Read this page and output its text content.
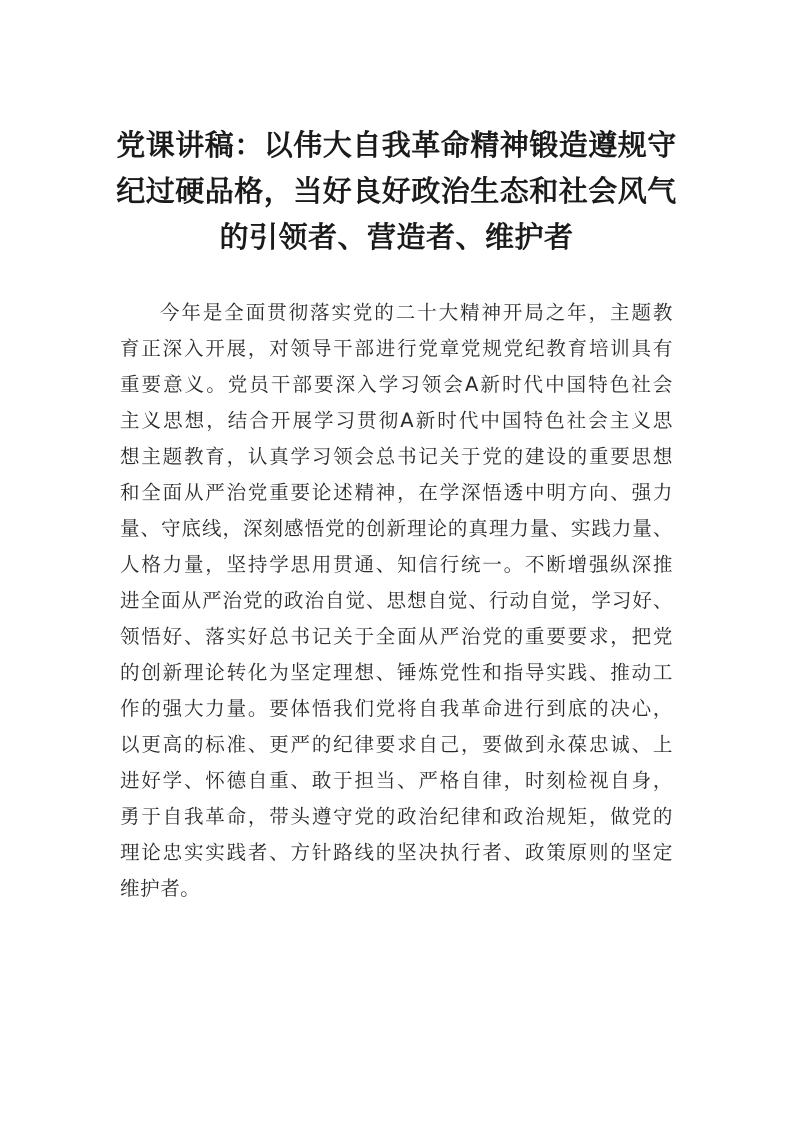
党课讲稿：以伟大自我革命精神锻造遵规守
纪过硬品格，当好良好政治生态和社会风气
的引领者、营造者、维护者
今年是全面贯彻落实党的二十大精神开局之年，主题教
育正深入开展，对领导干部进行党章党规党纪教育培训具有
重要意义。党员干部要深入学习领会A新时代中国特色社会
主义思想，结合开展学习贯彻A新时代中国特色社会主义思
想主题教育，认真学习领会总书记关于党的建设的重要思想
和全面从严治党重要论述精神，在学深悟透中明方向、强力
量、守底线，深刻感悟党的创新理论的真理力量、实践力量、
人格力量，坚持学思用贯通、知信行统一。不断增强纵深推
进全面从严治党的政治自觉、思想自觉、行动自觉，学习好、
领悟好、落实好总书记关于全面从严治党的重要要求，把党
的创新理论转化为坚定理想、锤炼党性和指导实践、推动工
作的强大力量。要体悟我们党将自我革命进行到底的决心，
以更高的标准、更严的纪律要求自己，要做到永葆忠诚、上
进好学、怀德自重、敢于担当、严格自律，时刻检视自身，
勇于自我革命，带头遵守党的政治纪律和政治规矩，做党的
理论忠实实践者、方针路线的坚决执行者、政策原则的坚定
维护者。
